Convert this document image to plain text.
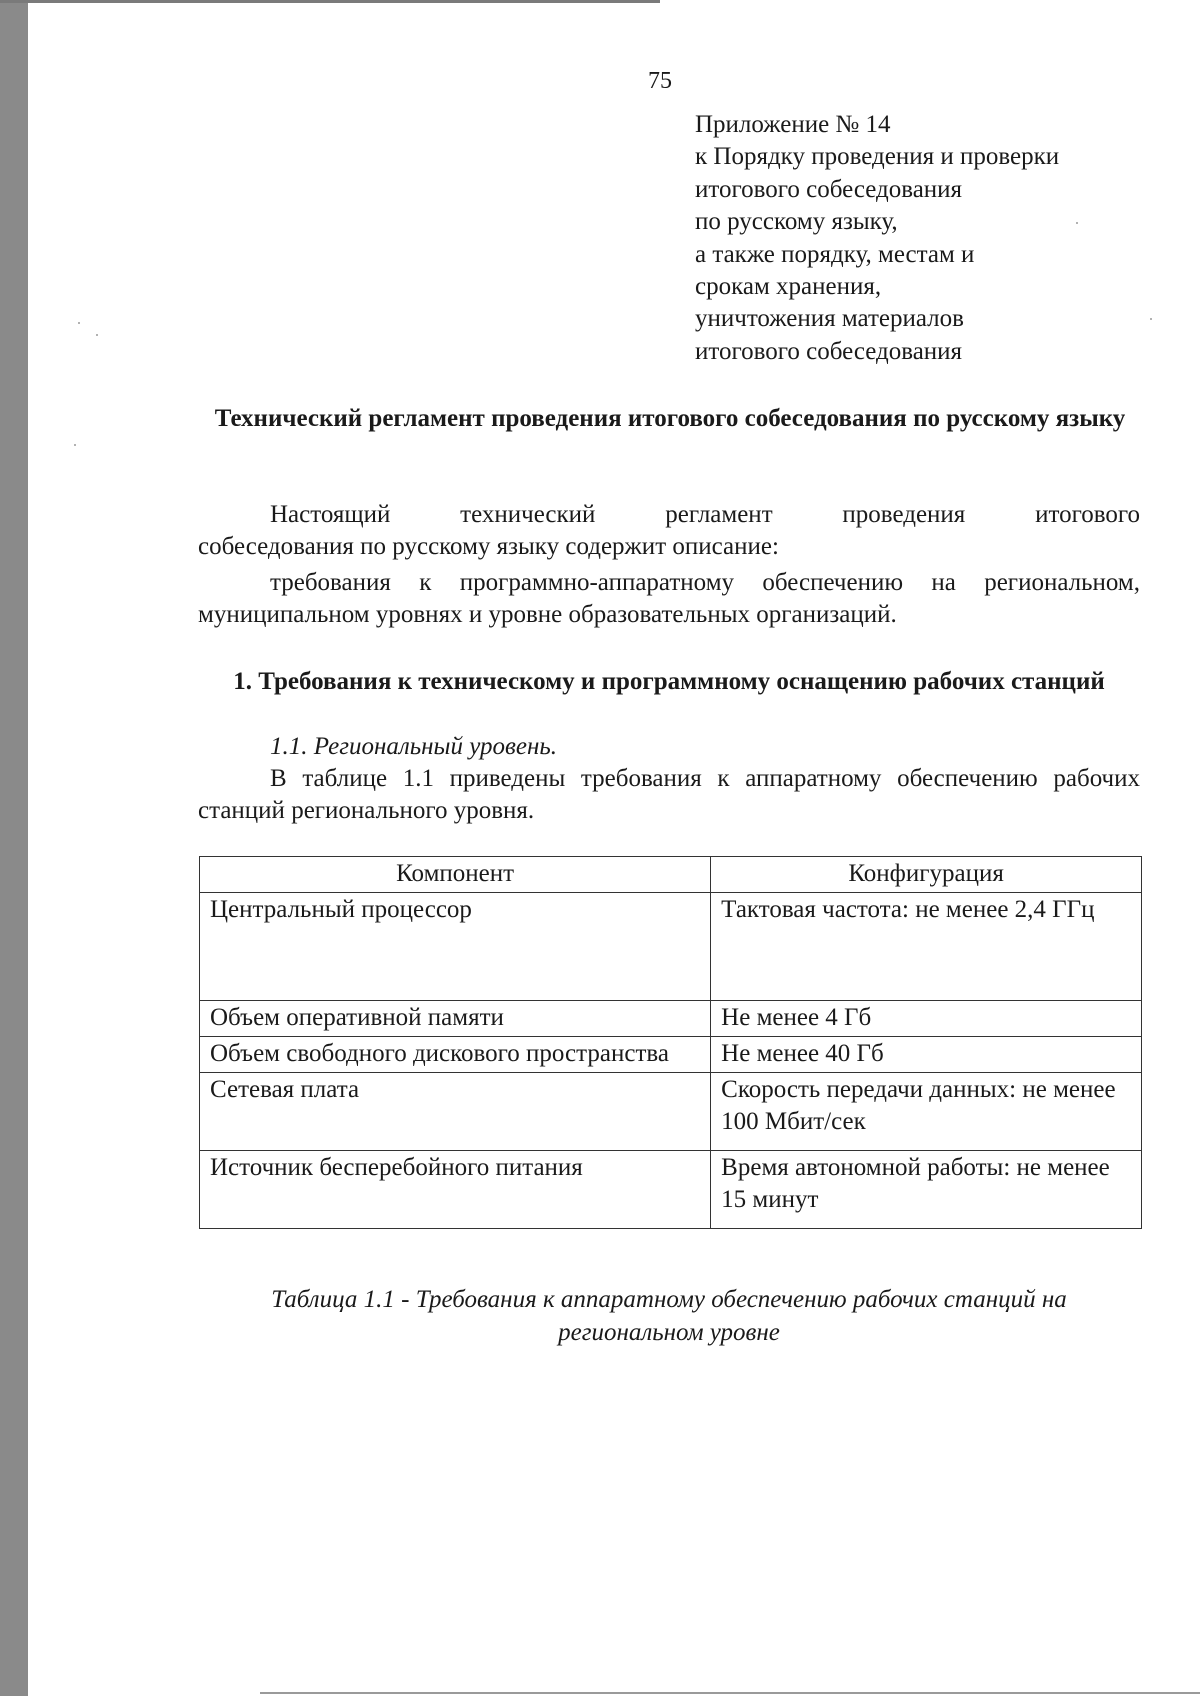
75
Приложение № 14
к Порядку проведения и проверки
итогового собеседования
по русскому языку,
а также порядку, местам и
срокам хранения,
уничтожения материалов
итогового собеседования
Технический регламент проведения итогового собеседования по русскому языку

Настоящий технический регламент проведения итогового

собеседования по русскому языку содержит описание:

требования к программно-аппаратному обеспечению на региональном, муниципальном уровнях и уровне образовательных организаций.

1. Требования к техническому и программному оснащению рабочих станций
1.1. Региональный уровень.

В таблице 1.1 приведены требования к аппаратному обеспечению рабочих станций регионального уровня.

Компонент	Конфигурация
Центральный процессор	Тактовая частота: не менее 2,4 ГГц
Объем оперативной памяти	Не менее 4 Гб
Объем свободного дискового пространства	Не менее 40 Гб
Сетевая плата	Скорость передачи данных: не менее 100 Мбит/сек
Источник бесперебойного питания	Время автономной работы: не менее 15 минут
Таблица 1.1 - Требования к аппаратному обеспечению рабочих станций на региональном уровне
